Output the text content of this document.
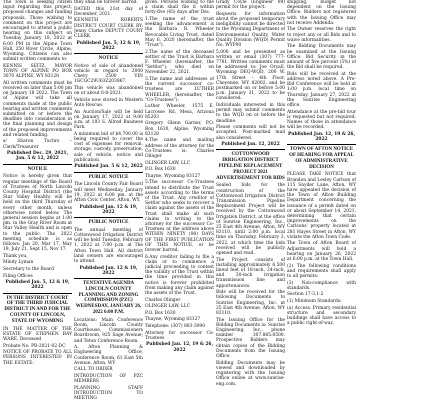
The Town is seeking citizen input regarding this project, proposed changes and funding proposals. Those wishing to comment on this project are encouraged to attend a public hearing on this subject on Tuesday January 18, 2022 at 6:00 PM in the Alpine Town Hall, 250 River Circle, Alpine, Wyoming. Citizens can also submit written comments to:

KENNIS SEITZ, MAYOR TOWN OF ALPINE PO BOX 3070 ALPINE, WY 83128

All written comments must be received on later than 5:00 pm on January 18 2022. The Town of Alpine will take all comments made at the public hearing and written comments submitted on or before the deadline into consideration in the final planning and design of the proposed improvements and related funding.

s/ Sharon Tuchrs – Clerk/Treasurer

Published Dec. 29, 2021, Jan. 5 & 12, 2022

NOTICE

Notice is hereby given that regular meetings of the Board of Trustees of North Lincoln County Hospital District (the Star Valley Health) will be held on the third Thursday of every other month, unless otherwise noted below. The general session begins at 1:00 pm. in the Gray River Room at Star Valley Health and is open to the public. The 2022 meeting schedule is as follows: Jan 20, Mar 17, May 19, July 21, Sept 15, Nov 17.

Thank you,

Mindy Lyman

Secretary to the Board

Filing Offices

Published Jan. 5, 12 & 19, 2022

IN THE DISTRICT COURT OF THE THIRD JUDICIAL DISTRICT IN AND FOR THE COUNTY OF LINCOLN, STATE OF WYOMING

IN THE MATTER OF THE ESTATE OF STEPHEN RAY WARE, Deceased

Probate No. PR-2021-02-DC

NOTICE OF PROBATE TO ALL PERSONS INTERESTED IN THE ESTATE:

they shall be forever barred.

DATED this 21st day of December, 2021.

KENNETH ROBERTS DISTRICT COURT CLERK BY: Jenny Clarke DEPUTY COURT CLERK

Published Jan. 5, 12 & 19, 2022

NOTICE

Notice of sale of abandoned vehicle in regard to 2000 Chevy 2500 VIN 1GCGC29U63Z203867.

This vehicle was abandoned on or about 6-8-2021.

Vehicle now stored in Western Auto Rescue.

An Auction/Sale will be held on January 17, 2022 at 9:00 a.m. at 103 S. Allred Business Park.

A minimum bid of $4,700.00 is being required to cover the cost of expenses for removal, storage, custody, preservation, sale of vehicle, notice and publication.

Published Jan. 5 & 12, 2022

PUBLIC NOTICE

The Lincoln County Fair Board will meet Wednesday, January 19, 2022 at 6:00 pm. at the Afton Civic Center, Afton, WY.

Published Jan. 12 & 19, 2022

PUBLIC NOTICE

The annual meeting of Cottonwood Irrigation District will be held Tuesday, February 1, 2022 at 7:00 p.m. at The Afton Town Hall. All district land owners are encouraged to attend.

Published Jan. 12 & 19, 2022

TENTATIVE AGENDA LINCOLN COUNTY PLANNING AND ZONING COMMISSION (PZC) WEDNESDAY, JANUARY 26, 2022 6:00 P.M.

Locations: Main Conference Room, Lincoln County Courthouse, Commissioners Boardroom, 925 Sage Avenue; and Teton Conference Room.

A. Afton Planning & Engineering Office, Conference Room, 61 East 5th Avenue, Afton, WY

CALL TO ORDER

INTRODUCTION OF PZC MEMBERS

PLANNING STAFF INTRODUCTION TO MEETING

given. Persons wishing to file a claim shall file it within forty-five (45) days after Dec.

1.The name of the trust seeking the advancement is the Barbara R. Wheeler Revocable Living Trust, dated May 6, 2020 (hereinafter, the "Trust").

2.The name of the deceased settlor of the Trust is Barbara F. Wheeler (hereinafter, the "Settlor"), who died on November 22, 2021.

3.The name and addresses of the current successor co-trustees are LUTHER WHEELER, (hereinafter, the "Co-Trustees"):

Luther Wheeler, 1575 E. Lacrosse Rd, Mesa, Arizona 85203

Gregory Glenn Garner, P.O. Box 1630, Alpine, Wyoming 83128

4.The name and mailing address of the attorney for the Co-Trustees is: Charles Olinger

OLINGER LAW, LLC

P.O. Box 1630

Thayne, Wyoming 83127

5.The successor Co-Trustees intend to distribute the Trust assets according to the terms of the Trust. Any creditor of Settlor who seeks to recover a claim against the assets of the Trust shall make all such claims in writing to the attorney for the successor Co-Trustees at the address above WITHIN NINETY (90) DAYS OF THE FIRST PUBLICATION OF THIS NOTICE, or be forever barred.

6.Any creditor failing to file a claim or to commence a judicial proceeding to contest the validity of the Trust within the time provided in this notice is forever prohibited from making any claim against the assets of the Trust.

Charles Olinger

OLINGER LAW, LLC

P.O. Box 1630

Thayne, Wyoming 83127

Telephone: (307) 883-3090

Attorney for successor Co-Trustees

Published Jan. 12, 19 & 26, 2022

Grady Coyle (Engineer 89) permit for the project.

Requests for information about the proposed temporary ineligibility cannot be directed to the Wyoming Department of Environmental Quality, Water Quality Division (WQD) Permit No. WYP00

5,000 and be presented as written or email (307) 777-7781. Written comments must be addressed to: Joe Oryall, Wyoming DEQ-WQD, 200 W. 17th Street – 4th Floor, Cheyenne, WY 82002, and be postmarked on or before 5:00 p.m. January 31, 2022 to be considered.

Individuals interested in this permit may submit comments to the WQD on or before the deadline.

Please comments will not be accepted. Post-marked mail also considered.

Published Jan. 12, 2022

COTTONWOOD IRRIGATION DISTRICT PIPELINE REPLACEMENT PROJECT 2021 ADVERTISEMENT FOR BIDS

Sealed bids for the construction of the Cottonwood Irrigation District Transmission Pipeline Replacement Project will be received by the Cottonwood Irrigation District, at the office of Sunrise Engineering, Inc., 25 East 4th Avenue, Afton, WY 83110, until 2:00 p.m. local time on Thursday, February 3, 2022, at which time the bids received will be publicly opened and read.

The Project consists of installing approximately 6,500 lineal feet of 18-inch, 24-inch, and 30-inch irrigation transmission line and appurtenances.

Bids will be received for the following Documents to Sunrise Engineering, Inc. at 25 East 4th Avenue, Afton, WY 83110.

The Issuing Office for the Bidding Documents is: Sunrise Engineering, Inc., phone number 307.885.8500. Prospective Bidders may obtain copies of the Bidding Documents from the Issuing Office.

Bidding Documents may be viewed and downloaded by registering with the Issuing Office online at www.sunrise-eng.com.

shipping, budget not dependent on the Issuing Office. Bidders not registered with the Issuing Office may not receive Addenda.

The Owner reserves the right to reject any or all Bids and to waive informalities.

The Bidding Documents may be examined at the Issuing Office. Bid Security in the amount of five percent (5%) of the Bid shall be required.

Bids will be received at the address noted above. A Pre-Bid Conference will be held at 1:00 p.m. local time on Thursday, January 27, 2022 at the Sunrise Engineering office.

Attendance at the pre-bid tour is requested but not required. Names of those in attendance will be recorded.

Published Jan. 12, 19 & 26, 2022

TOWN OF AFTON NOTICE OF HEARING FOR APPEAL OF ADMINISTRATIVE DECISION

PLEASE TAKE NOTICE that Brandon and Lesley Carlson of 115 Snyder Lane, Afton, WY have appealed the decision of the Town of Afton Building Department concerning the issuance of a permit dated on or about September 14, 2021, determining that certain improvements on the Carlsons' property located at 281 Hayes Street in Afton, WY violate the Afton Town Code.

The Town of Afton Board of Adjustments will hold a hearing on January 26, 2022 at 6:00 p.m. at the Town Hall.

(2) The following conditions and requirements shall apply to all permits:

(3) Non-compliance with standards.

Section 17-3.1-2

(1) Minimum Standards:

(a) Access. Primary residential structure and secondary buildings shall have access to a public right-of-way.
